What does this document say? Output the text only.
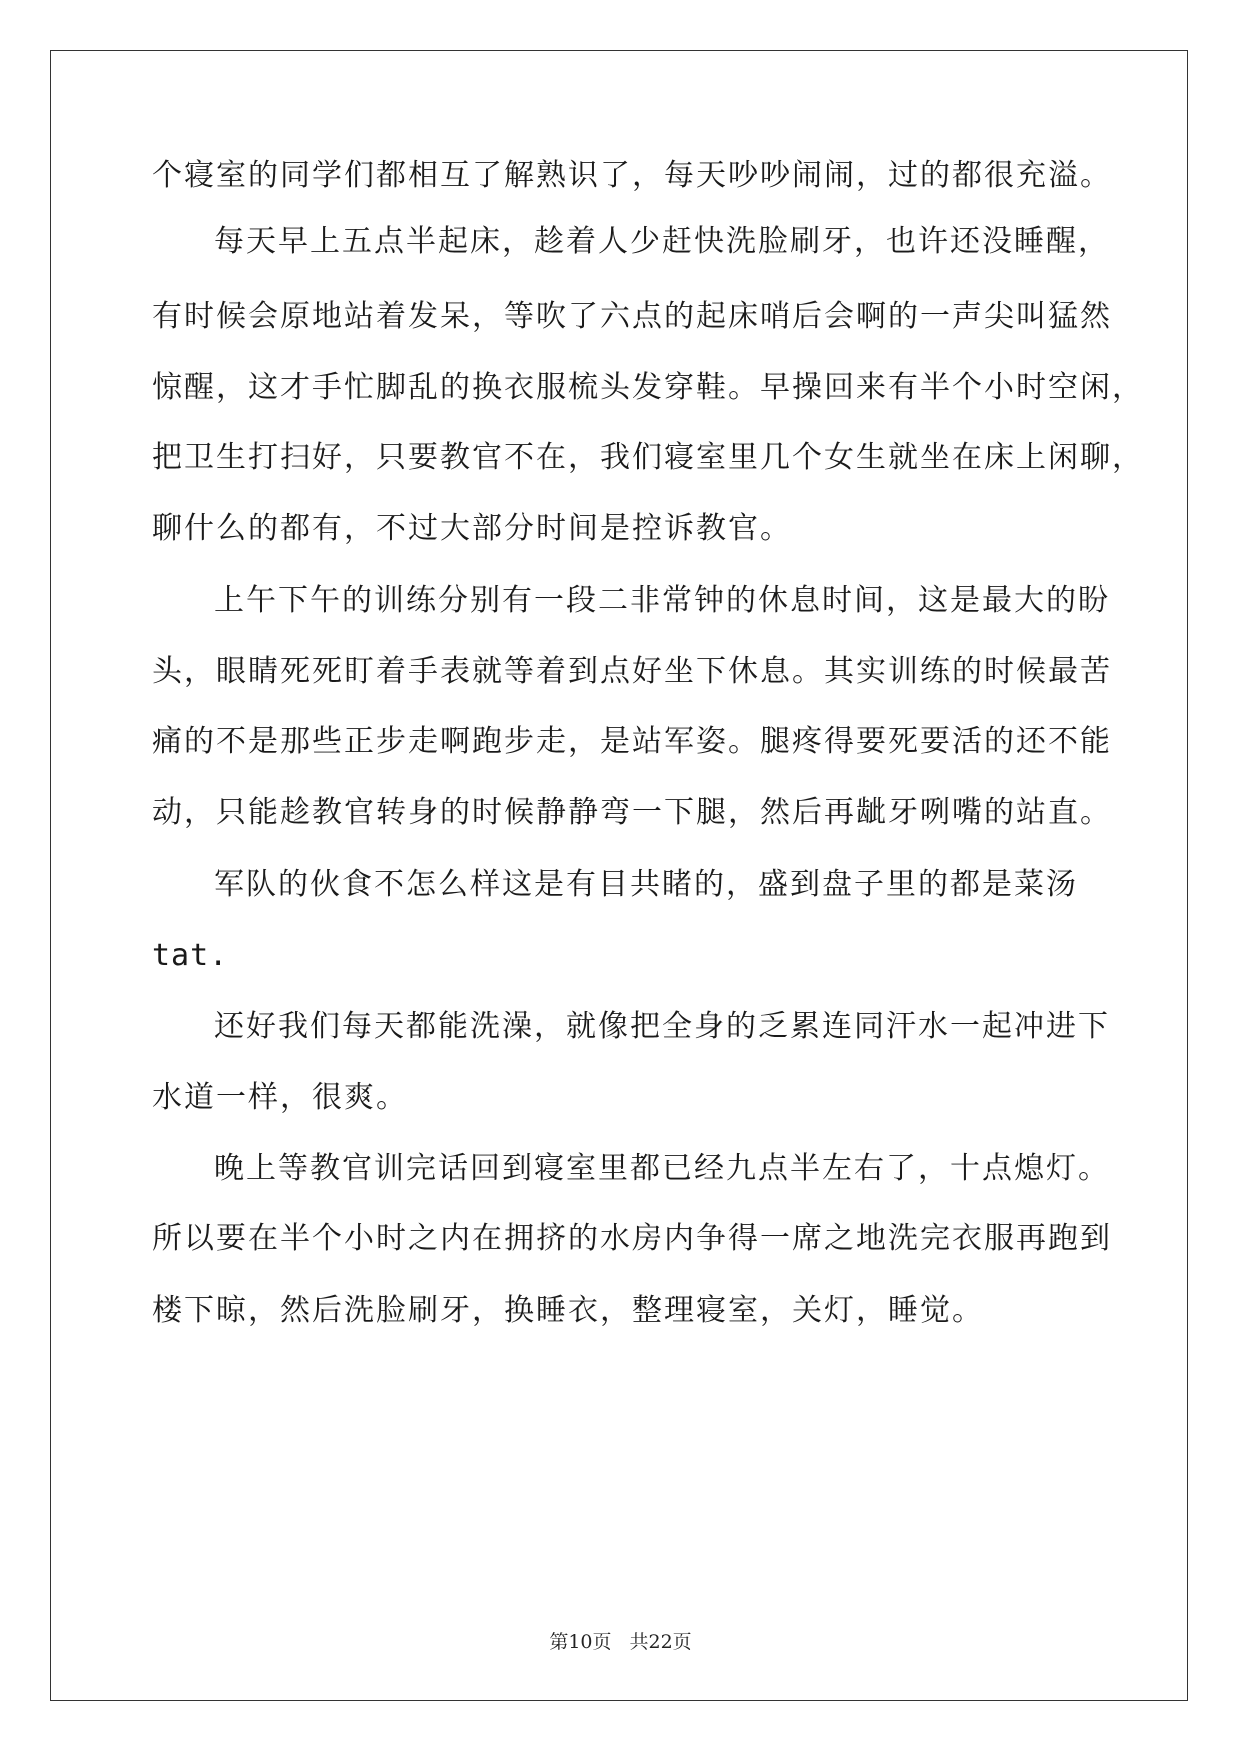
个寝室的同学们都相互了解熟识了，每天吵吵闹闹，过的都很充溢。
每天早上五点半起床，趁着人少赶快洗脸刷牙，也许还没睡醒，
有时候会原地站着发呆，等吹了六点的起床哨后会啊的一声尖叫猛然
惊醒，这才手忙脚乱的换衣服梳头发穿鞋。早操回来有半个小时空闲，
把卫生打扫好，只要教官不在，我们寝室里几个女生就坐在床上闲聊，
聊什么的都有，不过大部分时间是控诉教官。
上午下午的训练分别有一段二非常钟的休息时间，这是最大的盼
头，眼睛死死盯着手表就等着到点好坐下休息。其实训练的时候最苦
痛的不是那些正步走啊跑步走，是站军姿。腿疼得要死要活的还不能
动，只能趁教官转身的时候静静弯一下腿，然后再龇牙咧嘴的站直。
军队的伙食不怎么样这是有目共睹的，盛到盘子里的都是菜汤
tat.
还好我们每天都能洗澡，就像把全身的乏累连同汗水一起冲进下
水道一样，很爽。
晚上等教官训完话回到寝室里都已经九点半左右了，十点熄灯。
所以要在半个小时之内在拥挤的水房内争得一席之地洗完衣服再跑到
楼下晾，然后洗脸刷牙，换睡衣，整理寝室，关灯，睡觉。
第10页 共22页
